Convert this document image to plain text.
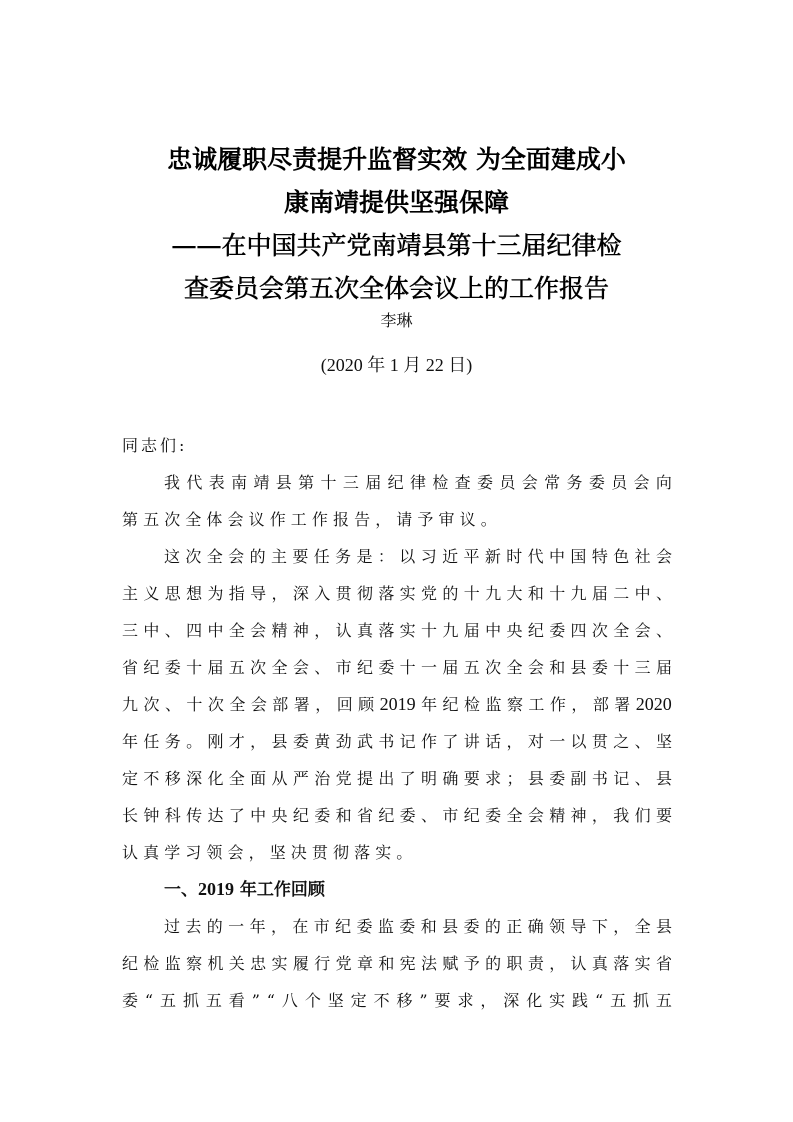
忠诚履职尽责提升监督实效 为全面建成小
康南靖提供坚强保障
——在中国共产党南靖县第十三届纪律检
查委员会第五次全体会议上的工作报告
李琳
(2020 年 1 月 22 日)
同志们:
我 代 表 南 靖 县 第 十 三 届 纪 律 检 查 委 员 会 常 务 委 员 会 向
第五次全体会议作工作报告，请予审议。
这 次 全 会 的 主 要 任 务 是 ： 以 习 近 平 新 时 代 中 国 特 色 社 会
主 义 思 想 为 指 导 ， 深 入 贯 彻 落 实 党 的 十 九 大 和 十 九 届 二 中 、
三 中 、 四 中 全 会 精 神 ， 认 真 落 实 十 九 届 中 央 纪 委 四 次 全 会 、
省 纪 委 十 届 五 次 全 会 、 市 纪 委 十 一 届 五 次 全 会 和 县 委 十 三 届
九 次 、 十 次 全 会 部 署 ， 回 顾 2019 年 纪 检 监 察 工 作 ， 部 署 2020
年 任 务 。 刚 才 ， 县 委 黄 劲 武 书 记 作 了 讲 话 ， 对 一 以 贯 之 、 坚
定 不 移 深 化 全 面 从 严 治 党 提 出 了 明 确 要 求 ； 县 委 副 书 记 、 县
长 钟 科 传 达 了 中 央 纪 委 和 省 纪 委 、 市 纪 委 全 会 精 神 ， 我 们 要
认真学习领会，坚决贯彻落实。
一、2019 年工作回顾
过 去 的 一 年 ， 在 市 纪 委 监 委 和 县 委 的 正 确 领 导 下 ， 全 县
纪 检 监 察 机 关 忠 实 履 行 党 章 和 宪 法 赋 予 的 职 责 ， 认 真 落 实 省
委 “ 五 抓 五 看 ” “ 八 个 坚 定 不 移 ” 要 求 ， 深 化 实 践 “ 五 抓 五
